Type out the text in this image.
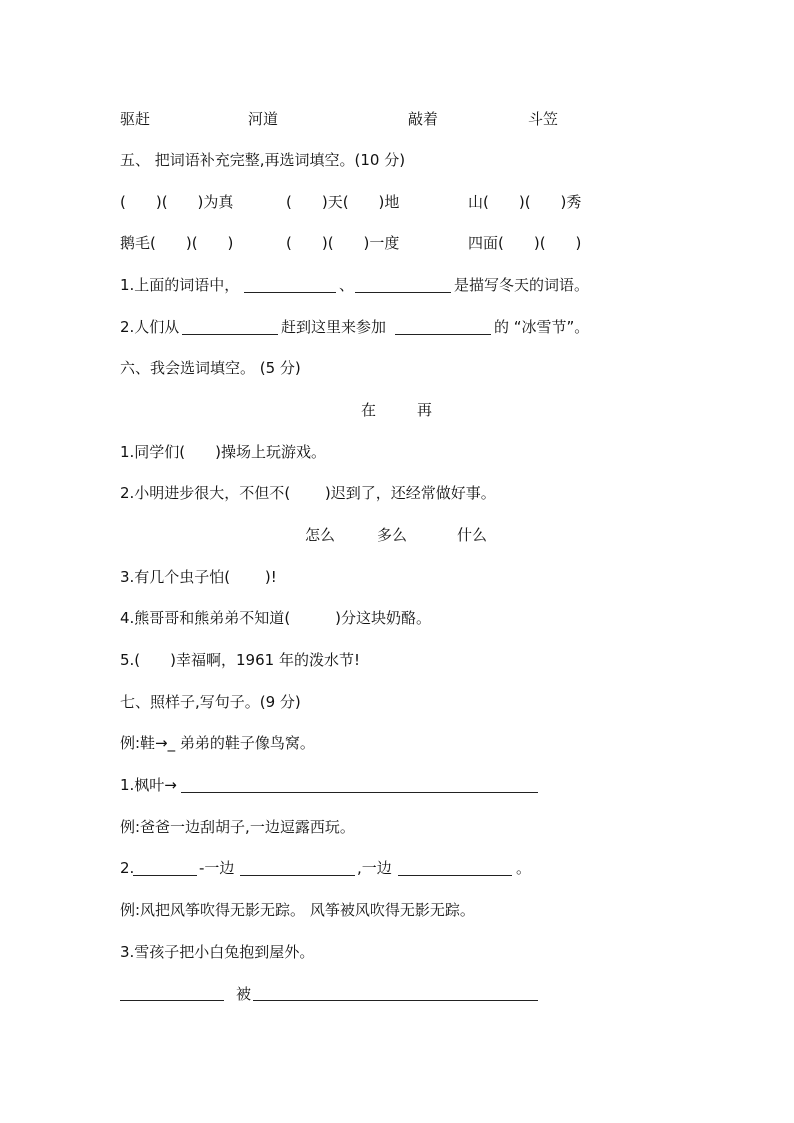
驱赶	河道	敲着	斗笠
五、 把词语补充完整,再选词填空。(10 分)
(　　)(　　)为真	(　　)天(　　)地	山(　　)(　　)秀
鹅毛(　　)(　　)	(　　)(　　)一度	四面(　　)(　　)
1.上面的词语中，	、	是描写冬天的词语。
2.人们从	赶到这里来参加	的 “冰雪节”。
六、我会选词填空。 (5 分)
在	再
1.同学们(　　)操场上玩游戏。
2.小明进步很大，不但不(　　 )迟到了，还经常做好事。
怎么	多么	什么
3.有几个虫子怕(　　 )!
4.熊哥哥和熊弟弟不知道(　　　)分这块奶酪。
5.(　　)幸福啊，1961 年的泼水节!
七、照样子,写句子。(9 分)
例:鞋→_ 弟弟的鞋子像鸟窝。
1.枫叶→
例:爸爸一边刮胡子,一边逗露西玩。
2.	-一边	,一边	。
例:风把风筝吹得无影无踪。 风筝被风吹得无影无踪。
3.雪孩子把小白兔抱到屋外。
被
